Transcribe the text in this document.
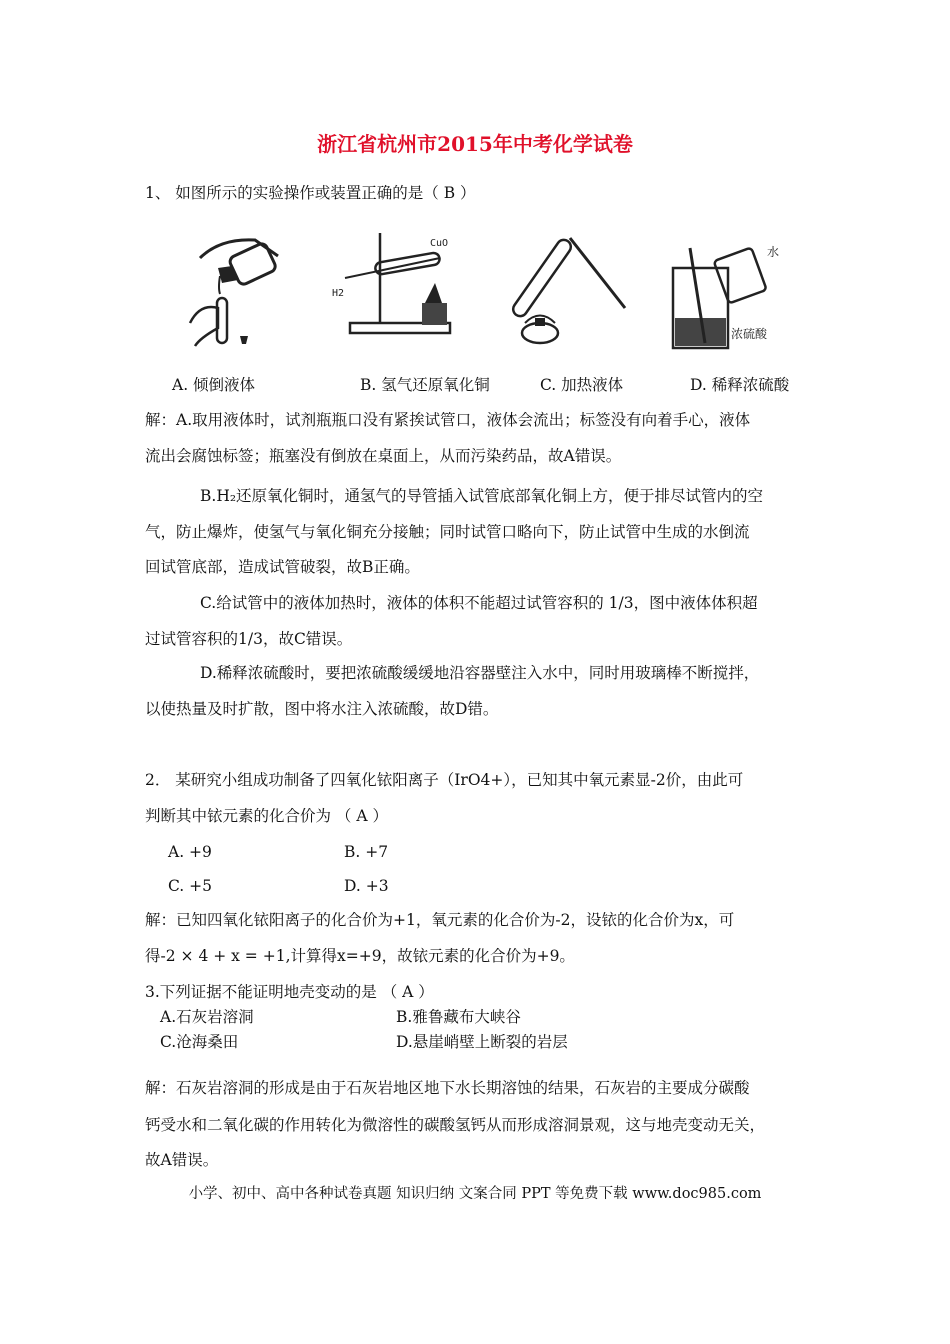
浙江省杭州市2015年中考化学试卷
1、 如图所示的实验操作或装置正确的是（ B ）
CuO
H2
水
浓硫酸
A. 倾倒液体	B. 氢气还原氧化铜	C. 加热液体	D. 稀释浓硫酸
解：A.取用液体时，试剂瓶瓶口没有紧挨试管口，液体会流出；标签没有向着手心，液体
流出会腐蚀标签；瓶塞没有倒放在桌面上，从而污染药品，故A错误。
B.H₂还原氧化铜时，通氢气的导管插入试管底部氧化铜上方，便于排尽试管内的空
气，防止爆炸，使氢气与氧化铜充分接触；同时试管口略向下，防止试管中生成的水倒流
回试管底部，造成试管破裂，故B正确。
C.给试管中的液体加热时，液体的体积不能超过试管容积的 1/3，图中液体体积超
过试管容积的1/3，故C错误。
D.稀释浓硫酸时，要把浓硫酸缓缓地沿容器壁注入水中，同时用玻璃棒不断搅拌，
以使热量及时扩散，图中将水注入浓硫酸，故D错。
2． 某研究小组成功制备了四氧化铱阳离子（IrO4+），已知其中氧元素显-2价，由此可
判断其中铱元素的化合价为 （ A ）
A. +9	B. +7
C. +5	D. +3
解：已知四氧化铱阳离子的化合价为+1，氧元素的化合价为-2，设铱的化合价为x，可
得-2 × 4 + x = +1,计算得x=+9，故铱元素的化合价为+9。
3.下列证据不能证明地壳变动的是 （ A ）
A.石灰岩溶洞	B.雅鲁藏布大峡谷
C.沧海桑田	D.悬崖峭壁上断裂的岩层
解：石灰岩溶洞的形成是由于石灰岩地区地下水长期溶蚀的结果，石灰岩的主要成分碳酸
钙受水和二氧化碳的作用转化为微溶性的碳酸氢钙从而形成溶洞景观，这与地壳变动无关，
故A错误。
小学、初中、高中各种试卷真题 知识归纳 文案合同 PPT 等免费下载 www.doc985.com
